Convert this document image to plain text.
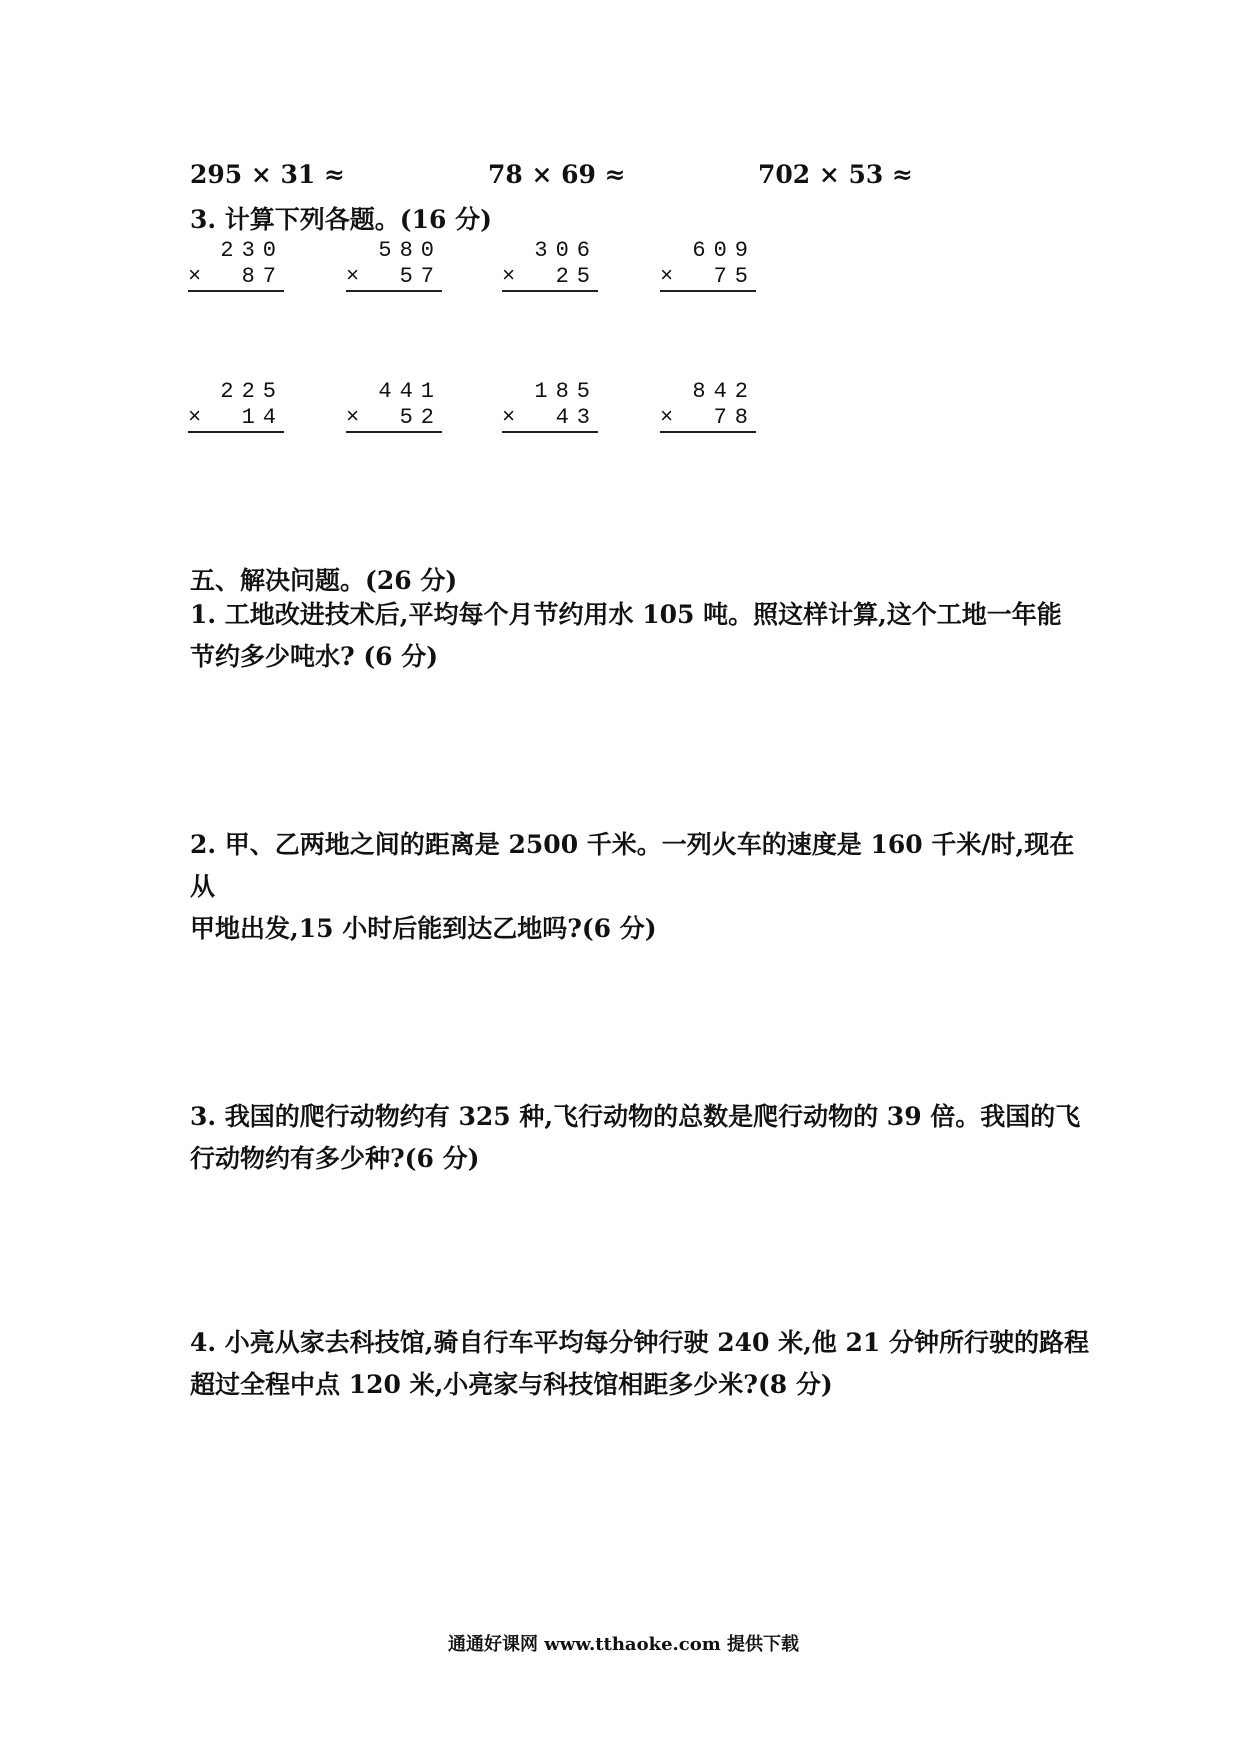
295 × 31 ≈	78 × 69 ≈	702 × 53 ≈
3. 计算下列各题。(16 分)
230
× 87
580
× 57
306
× 25
609
× 75
225
× 14
441
× 52
185
× 43
842
× 78
五、解决问题。(26 分)
1. 工地改进技术后,平均每个月节约用水 105 吨。照这样计算,这个工地一年能
节约多少吨水? (6 分)
2. 甲、乙两地之间的距离是 2500 千米。一列火车的速度是 160 千米/时,现在从
甲地出发,15 小时后能到达乙地吗?(6 分)
3. 我国的爬行动物约有 325 种,飞行动物的总数是爬行动物的 39 倍。我国的飞
行动物约有多少种?(6 分)
4. 小亮从家去科技馆,骑自行车平均每分钟行驶 240 米,他 21 分钟所行驶的路程
超过全程中点 120 米,小亮家与科技馆相距多少米?(8 分)
通通好课网 www.tthaoke.com 提供下载
